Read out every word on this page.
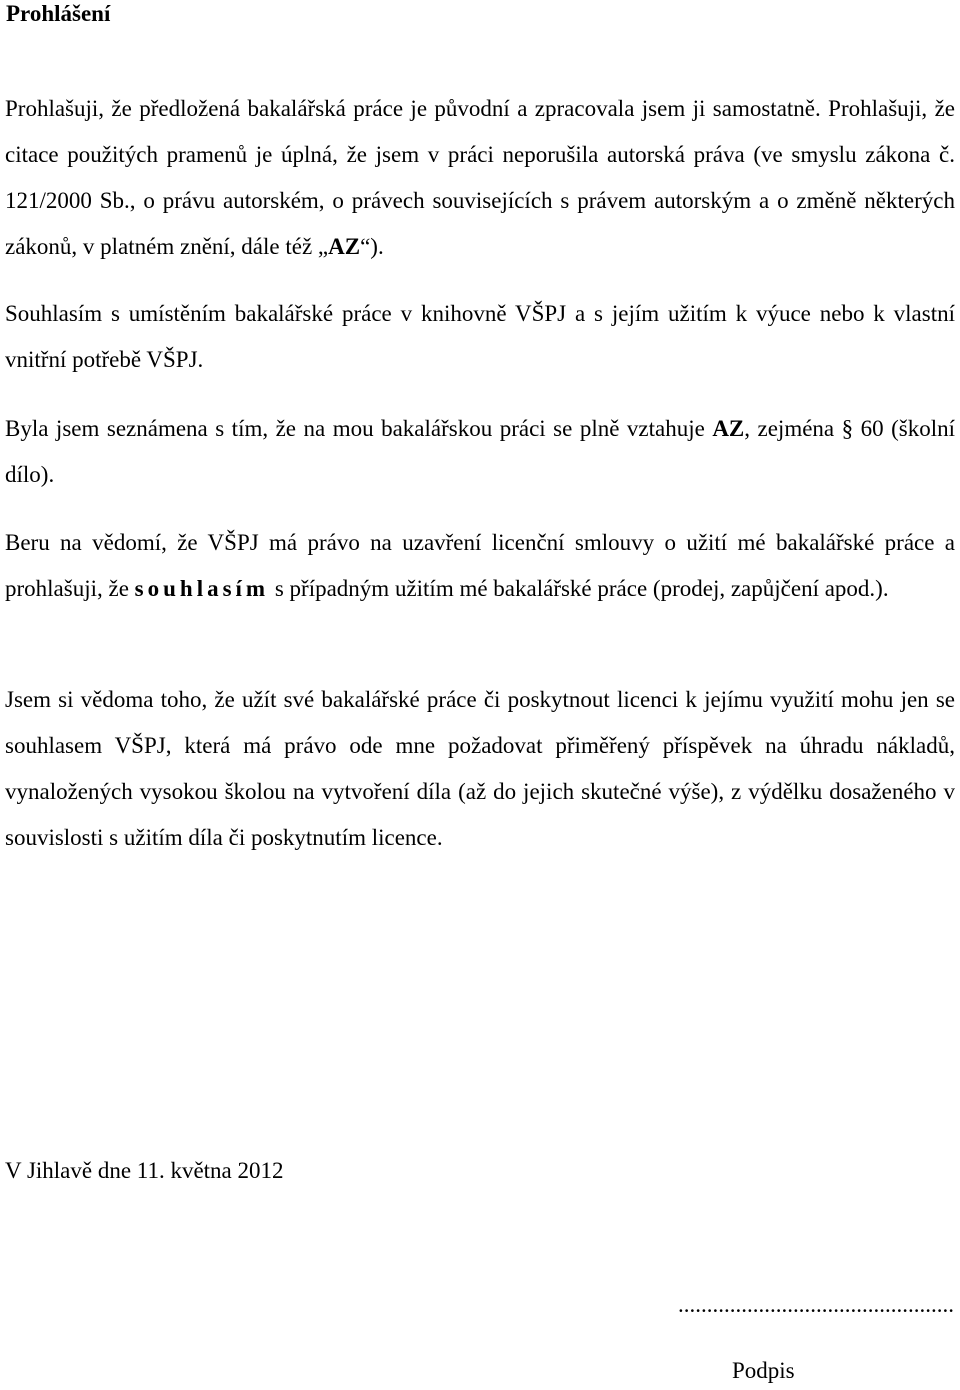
Prohlášení

Prohlašuji, že předložená bakalářská práce je původní a zpracovala jsem ji samostatně. Prohlašuji, že citace použitých pramenů je úplná, že jsem v práci neporušila autorská práva (ve smyslu zákona č. 121/2000 Sb., o právu autorském, o právech souvisejících s právem autorským a o změně některých zákonů, v platném znění, dále též „AZ“).

Souhlasím s umístěním bakalářské práce v knihovně VŠPJ a s jejím užitím k výuce nebo k vlastní vnitřní potřebě VŠPJ.

Byla jsem seznámena s tím, že na mou bakalářskou práci se plně vztahuje AZ, zejména § 60 (školní dílo).

Beru na vědomí, že VŠPJ má právo na uzavření licenční smlouvy o užití mé bakalářské práce a prohlašuji, že souhlasím s případným užitím mé bakalářské práce (prodej, zapůjčení apod.).

Jsem si vědoma toho, že užít své bakalářské práce či poskytnout licenci k jejímu využití mohu jen se souhlasem VŠPJ, která má právo ode mne požadovat přiměřený příspěvek na úhradu nákladů, vynaložených vysokou školou na vytvoření díla (až do jejich skutečné výše), z výdělku dosaženého v souvislosti s užitím díla či poskytnutím licence.

V Jihlavě dne 11. května 2012

................................................

Podpis
